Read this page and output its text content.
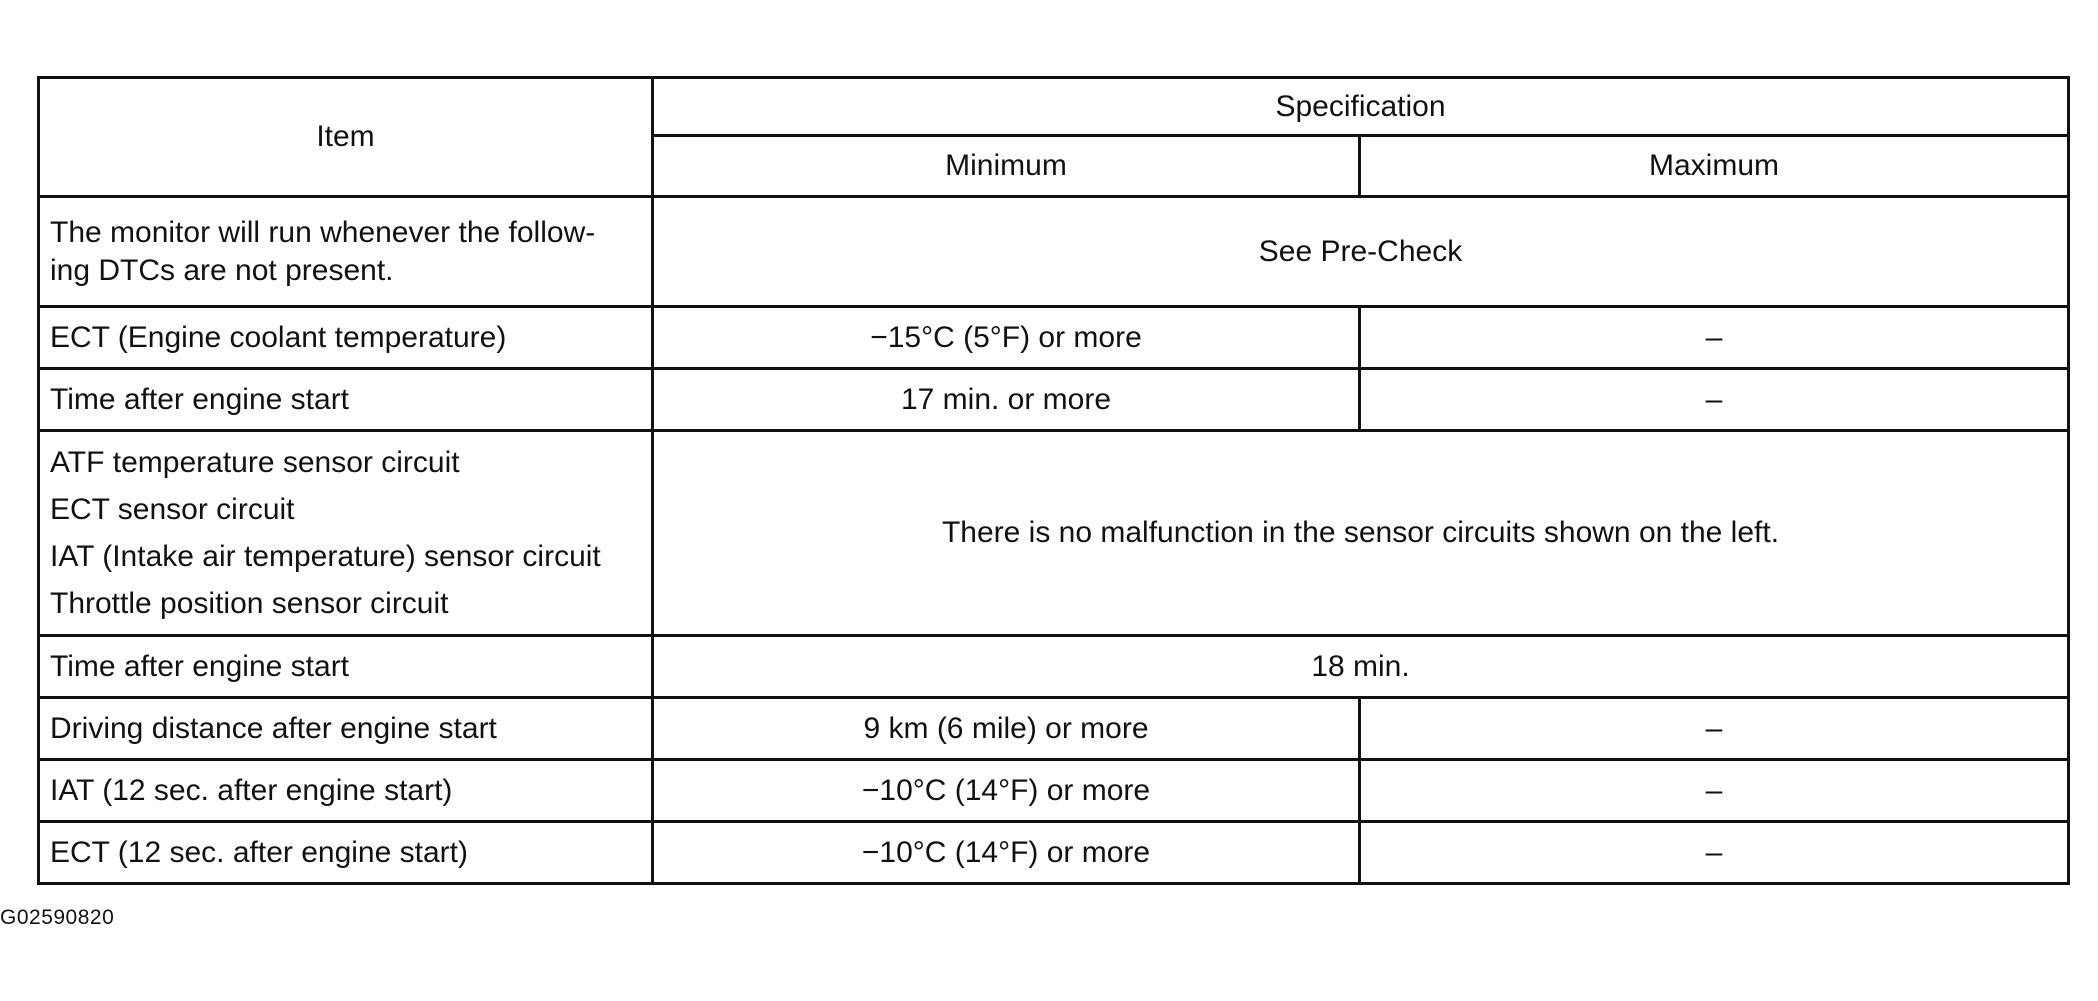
Item	Specification	
	Minimum	Maximum

The monitor will run whenever the follow-
ing DTCs are not present.	See Pre-Check	
ECT (Engine coolant temperature)	−15°C (5°F) or more	–
Time after engine start	17 min. or more	–

ATF temperature sensor circuit
ECT sensor circuit
IAT (Intake air temperature) sensor circuit
Throttle position sensor circuit	There is no malfunction in the sensor circuits shown on the left.	
Time after engine start	18 min.	
Driving distance after engine start	9 km (6 mile) or more	–
IAT (12 sec. after engine start)	−10°C (14°F) or more	–
ECT (12 sec. after engine start)	−10°C (14°F) or more	–
G02590820
